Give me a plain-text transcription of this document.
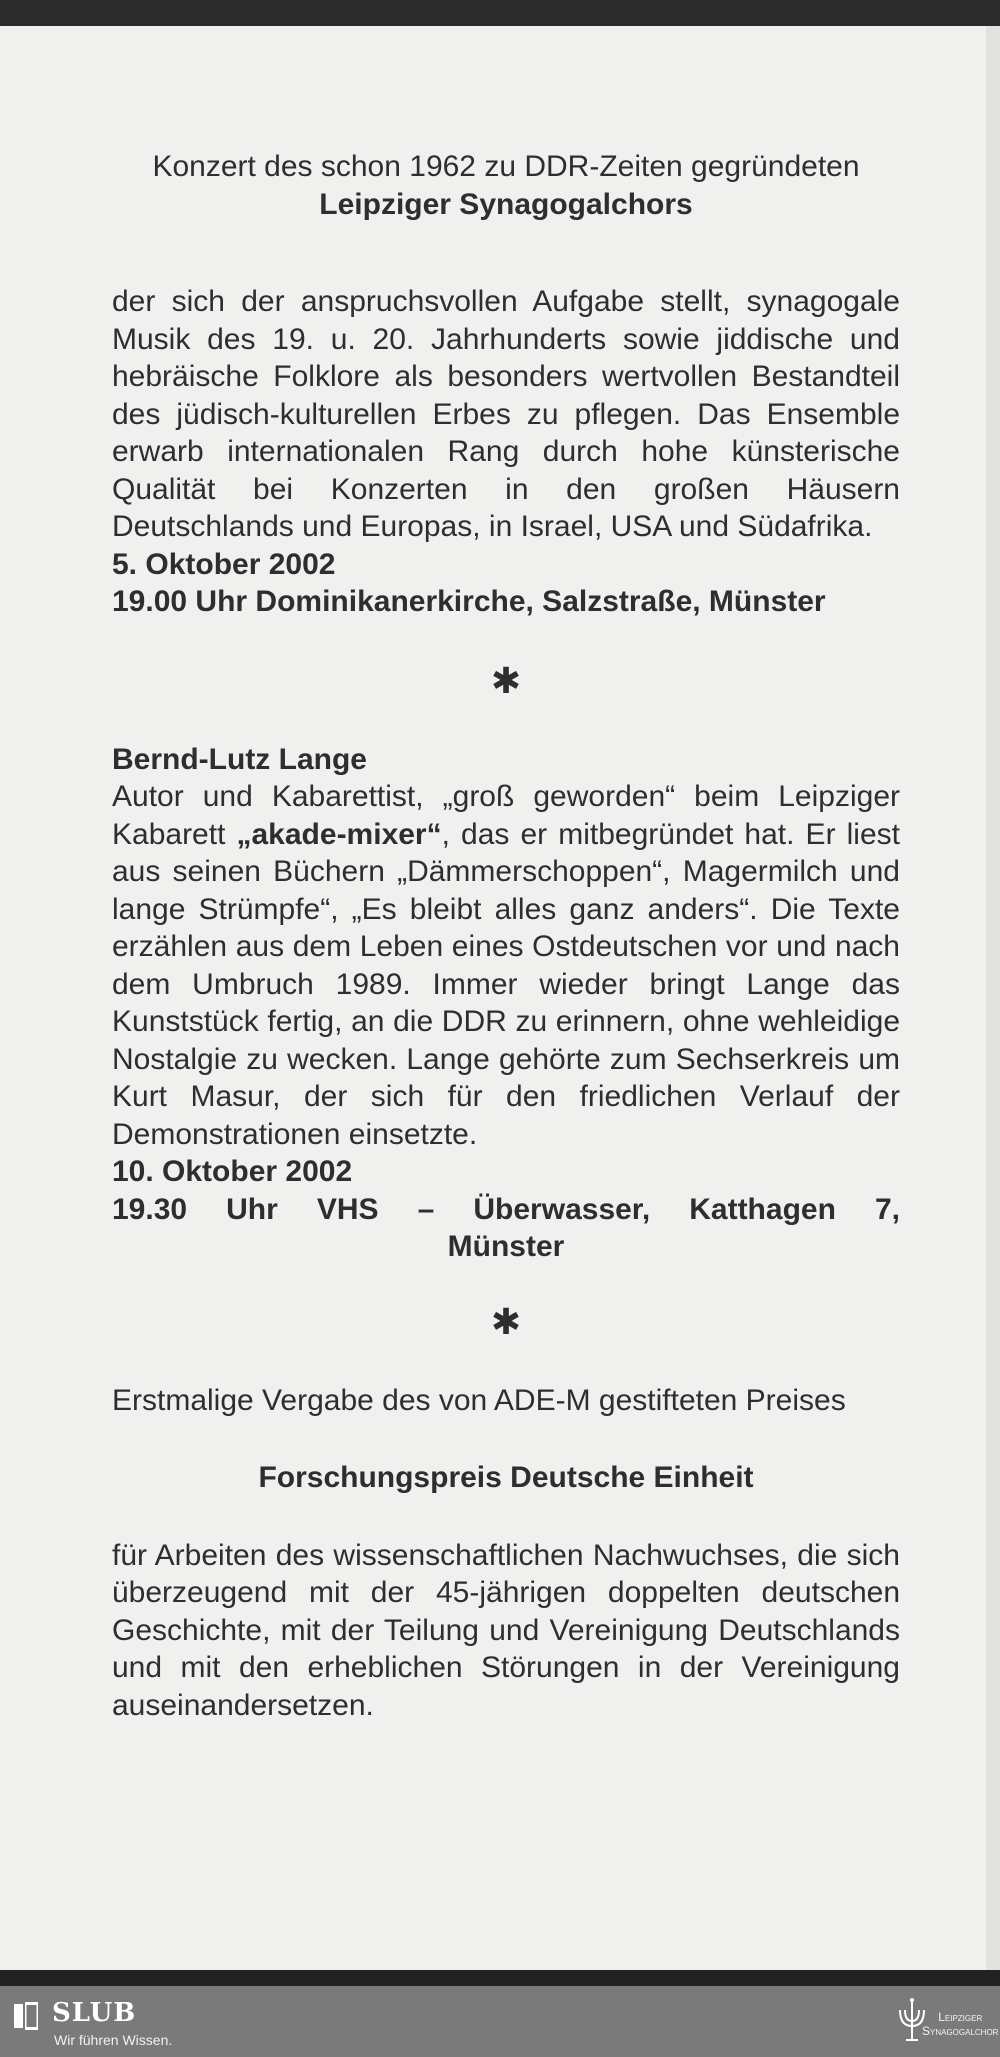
Konzert des schon 1962 zu DDR-Zeiten gegründeten

Leipziger Synagogalchors

der sich der anspruchsvollen Aufgabe stellt, synagogale Musik des 19. u. 20. Jahrhunderts sowie jiddische und hebräische Folklore als besonders wertvollen Bestandteil des jüdisch-kulturellen Erbes zu pflegen. Das Ensemble erwarb internationalen Rang durch hohe künsterische Qualität bei Konzerten in den großen Häusern Deutschlands und Europas, in Israel, USA und Südafrika.

5. Oktober 2002

19.00 Uhr Dominikanerkirche, Salzstraße, Münster

✱

Bernd-Lutz Lange

Autor und Kabarettist, „groß geworden“ beim Leipziger Kabarett „akade-mixer“, das er mitbegründet hat. Er liest aus seinen Büchern „Dämmerschoppen“, Magermilch und lange Strümpfe“, „Es bleibt alles ganz anders“. Die Texte erzählen aus dem Leben eines Ostdeutschen vor und nach dem Umbruch 1989. Immer wieder bringt Lange das Kunststück fertig, an die DDR zu erinnern, ohne wehleidige Nostalgie zu wecken. Lange gehörte zum Sechserkreis um Kurt Masur, der sich für den friedlichen Verlauf der Demonstrationen einsetzte.

10. Oktober 2002

19.30 Uhr VHS – Überwasser, Katthagen 7,

Münster

✱

Erstmalige Vergabe des von ADE-M gestifteten Preises

Forschungspreis Deutsche Einheit

für Arbeiten des wissenschaftlichen Nachwuchses, die sich überzeugend mit der 45-jährigen doppelten deutschen Geschichte, mit der Teilung und Vereinigung Deutschlands und mit den erheblichen Störungen in der Vereinigung auseinandersetzen.

SLUB
Wir führen Wissen.
Leipziger
Synagogalchor
